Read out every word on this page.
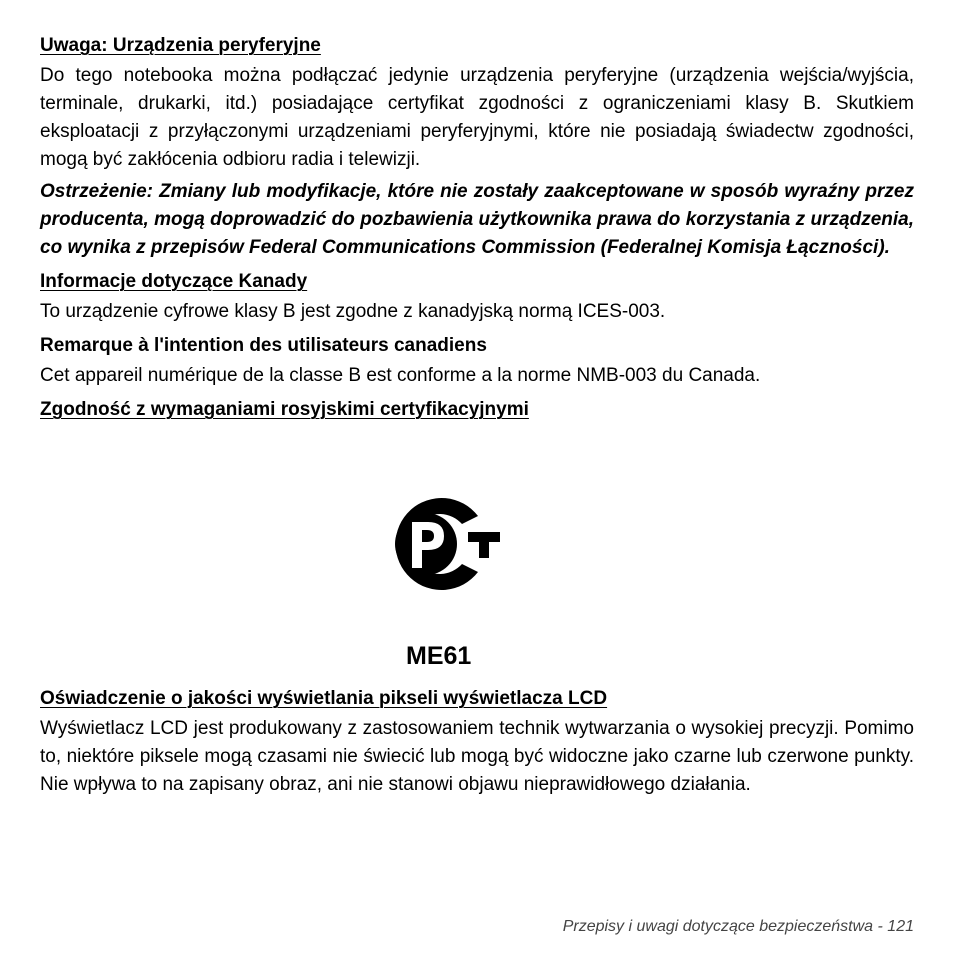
Uwaga: Urządzenia peryferyjne

Do tego notebooka można podłączać jedynie urządzenia peryferyjne (urządzenia wejścia/wyjścia, terminale, drukarki, itd.) posiadające certyfikat zgodności z ograniczeniami klasy B. Skutkiem eksploatacji z przyłączonymi urządzeniami peryferyjnymi, które nie posiadają świadectw zgodności, mogą być zakłócenia odbioru radia i telewizji.

Ostrzeżenie: Zmiany lub modyfikacje, które nie zostały zaakceptowane w sposób wyraźny przez producenta, mogą doprowadzić do pozbawienia użytkownika prawa do korzystania z urządzenia, co wynika z przepisów Federal Communications Commission (Federalnej Komisja Łączności).

Informacje dotyczące Kanady

To urządzenie cyfrowe klasy B jest zgodne z kanadyjską normą ICES-003.

Remarque à l'intention des utilisateurs canadiens

Cet appareil numérique de la classe B est conforme a la norme NMB-003 du Canada.

Zgodność z wymaganiami rosyjskimi certyfikacyjnymi
ME61
Oświadczenie o jakości wyświetlania pikseli wyświetlacza LCD

Wyświetlacz LCD jest produkowany z zastosowaniem technik wytwarzania o wysokiej precyzji. Pomimo to, niektóre piksele mogą czasami nie świecić lub mogą być widoczne jako czarne lub czerwone punkty. Nie wpływa to na zapisany obraz, ani nie stanowi objawu nieprawidłowego działania.

Przepisy i uwagi dotyczące bezpieczeństwa - 121
